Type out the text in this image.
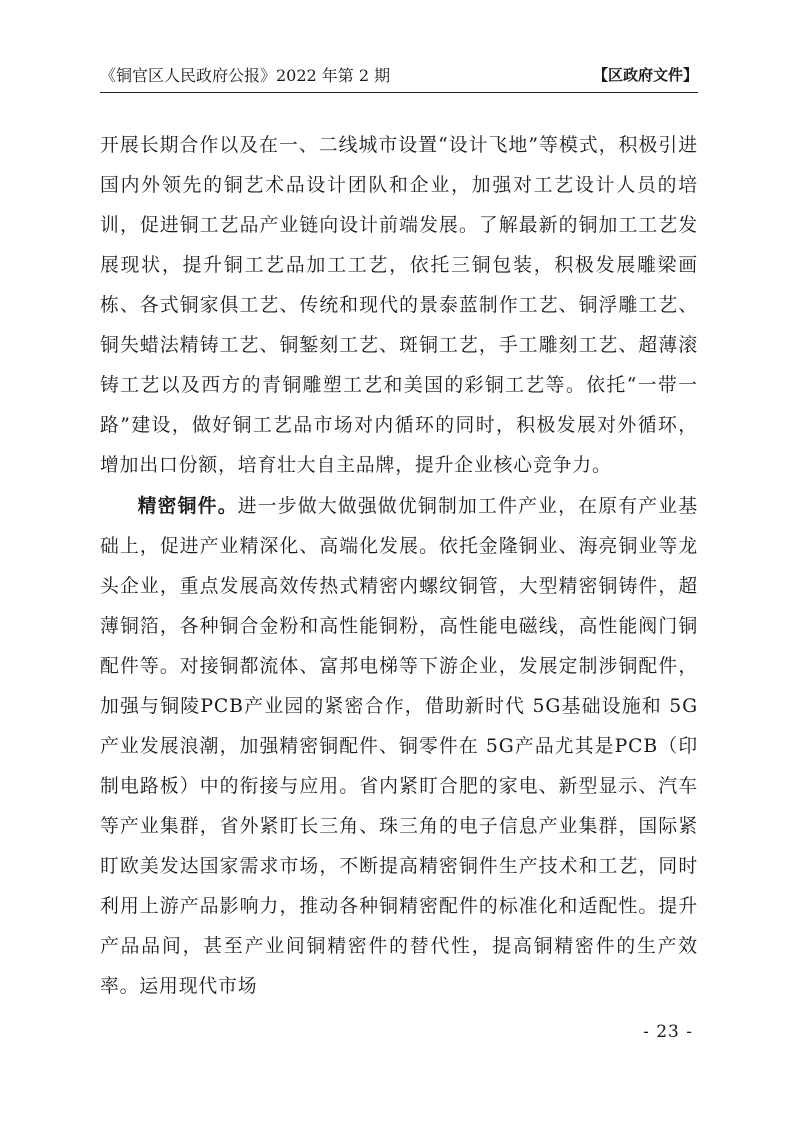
《铜官区人民政府公报》2022 年第 2 期	【区政府文件】

开展长期合作以及在一、二线城市设置“设计飞地”等模式，积极引进国内外领先的铜艺术品设计团队和企业，加强对工艺设计人员的培训，促进铜工艺品产业链向设计前端发展。了解最新的铜加工工艺发展现状，提升铜工艺品加工工艺，依托三铜包装，积极发展雕梁画栋、各式铜家俱工艺、传统和现代的景泰蓝制作工艺、铜浮雕工艺、铜失蜡法精铸工艺、铜錾刻工艺、斑铜工艺，手工雕刻工艺、超薄滚铸工艺以及西方的青铜雕塑工艺和美国的彩铜工艺等。依托“一带一路”建设，做好铜工艺品市场对内循环的同时，积极发展对外循环，增加出口份额，培育壮大自主品牌，提升企业核心竞争力。

精密铜件。进一步做大做强做优铜制加工件产业，在原有产业基础上，促进产业精深化、高端化发展。依托金隆铜业、海亮铜业等龙头企业，重点发展高效传热式精密内螺纹铜管，大型精密铜铸件，超薄铜箔，各种铜合金粉和高性能铜粉，高性能电磁线，高性能阀门铜配件等。对接铜都流体、富邦电梯等下游企业，发展定制涉铜配件，加强与铜陵PCB产业园的紧密合作，借助新时代 5G基础设施和 5G产业发展浪潮，加强精密铜配件、铜零件在 5G产品尤其是PCB（印制电路板）中的衔接与应用。省内紧盯合肥的家电、新型显示、汽车等产业集群，省外紧盯长三角、珠三角的电子信息产业集群，国际紧盯欧美发达国家需求市场，不断提高精密铜件生产技术和工艺，同时利用上游产品影响力，推动各种铜精密配件的标准化和适配性。提升产品品间，甚至产业间铜精密件的替代性，提高铜精密件的生产效率。运用现代市场

- 23 -
